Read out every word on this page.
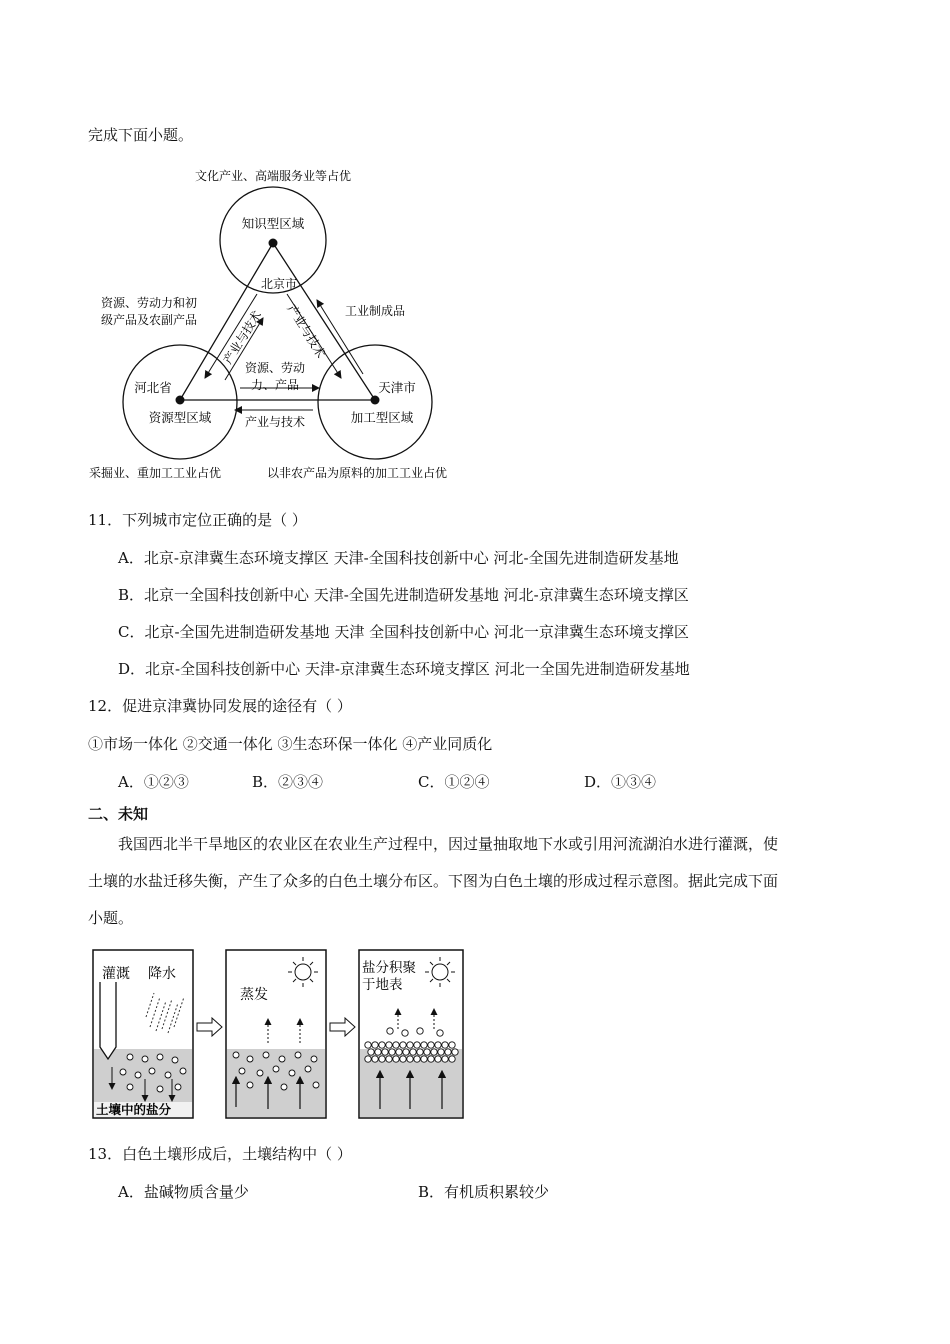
完成下面小题。
文化产业、高端服务业等占优
知识型区域
北京市
资源、劳动力和初
级产品及农副产品
工业制成品
产业与技术 产业与技术
资源、劳动
力、产品
河北省
资源型区域
天津市
加工型区域
产业与技术
采掘业、重加工工业占优	以非农产品为原料的加工工业占优
11．下列城市定位正确的是（ ）
A．北京-京津冀生态环境支撑区 天津-全国科技创新中心 河北-全国先进制造研发基地
B．北京一全国科技创新中心 天津-全国先进制造研发基地 河北-京津冀生态环境支撑区
C．北京-全国先进制造研发基地 天津 全国科技创新中心 河北一京津冀生态环境支撑区
D．北京-全国科技创新中心 天津-京津冀生态环境支撑区 河北一全国先进制造研发基地
12．促进京津冀协同发展的途径有（ ）
①市场一体化 ②交通一体化 ③生态环保一体化 ④产业同质化
A．①②③	B．②③④	C．①②④	D．①③④
二、未知
我国西北半干旱地区的农业区在农业生产过程中，因过量抽取地下水或引用河流湖泊水进行灌溉，使
土壤的水盐迁移失衡，产生了众多的白色土壤分布区。下图为白色土壤的形成过程示意图。据此完成下面
小题。
灌溉 降水
土壤中的盐分
蒸发
盐分积聚
于地表
13．白色土壤形成后，土壤结构中（ ）
A．盐碱物质含量少	B．有机质积累较少
